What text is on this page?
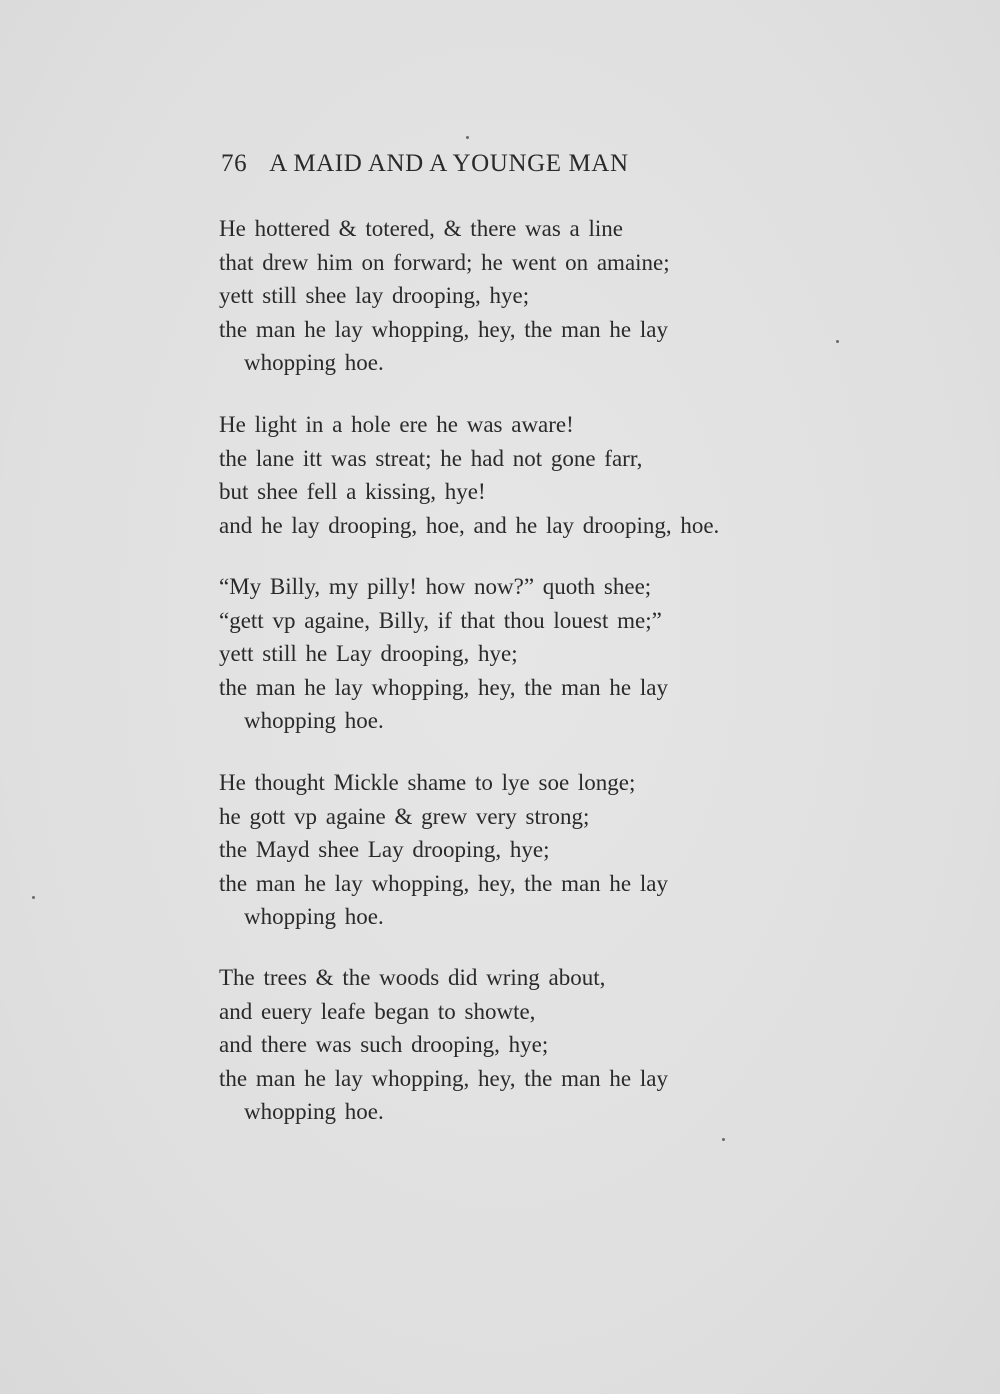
76 A MAID AND A YOUNGE MAN
He hottered & totered, & there was a line
that drew him on forward; he went on amaine;
yett still shee lay drooping, hye;
the man he lay whopping, hey, the man he lay
whopping hoe.
He light in a hole ere he was aware!
the lane itt was streat; he had not gone farr,
but shee fell a kissing, hye!
and he lay drooping, hoe, and he lay drooping, hoe.
“My Billy, my pilly! how now?” quoth shee;
“gett vp againe, Billy, if that thou louest me;”
yett still he Lay drooping, hye;
the man he lay whopping, hey, the man he lay
whopping hoe.
He thought Mickle shame to lye soe longe;
he gott vp againe & grew very strong;
the Mayd shee Lay drooping, hye;
the man he lay whopping, hey, the man he lay
whopping hoe.
The trees & the woods did wring about,
and euery leafe began to showte,
and there was such drooping, hye;
the man he lay whopping, hey, the man he lay
whopping hoe.
